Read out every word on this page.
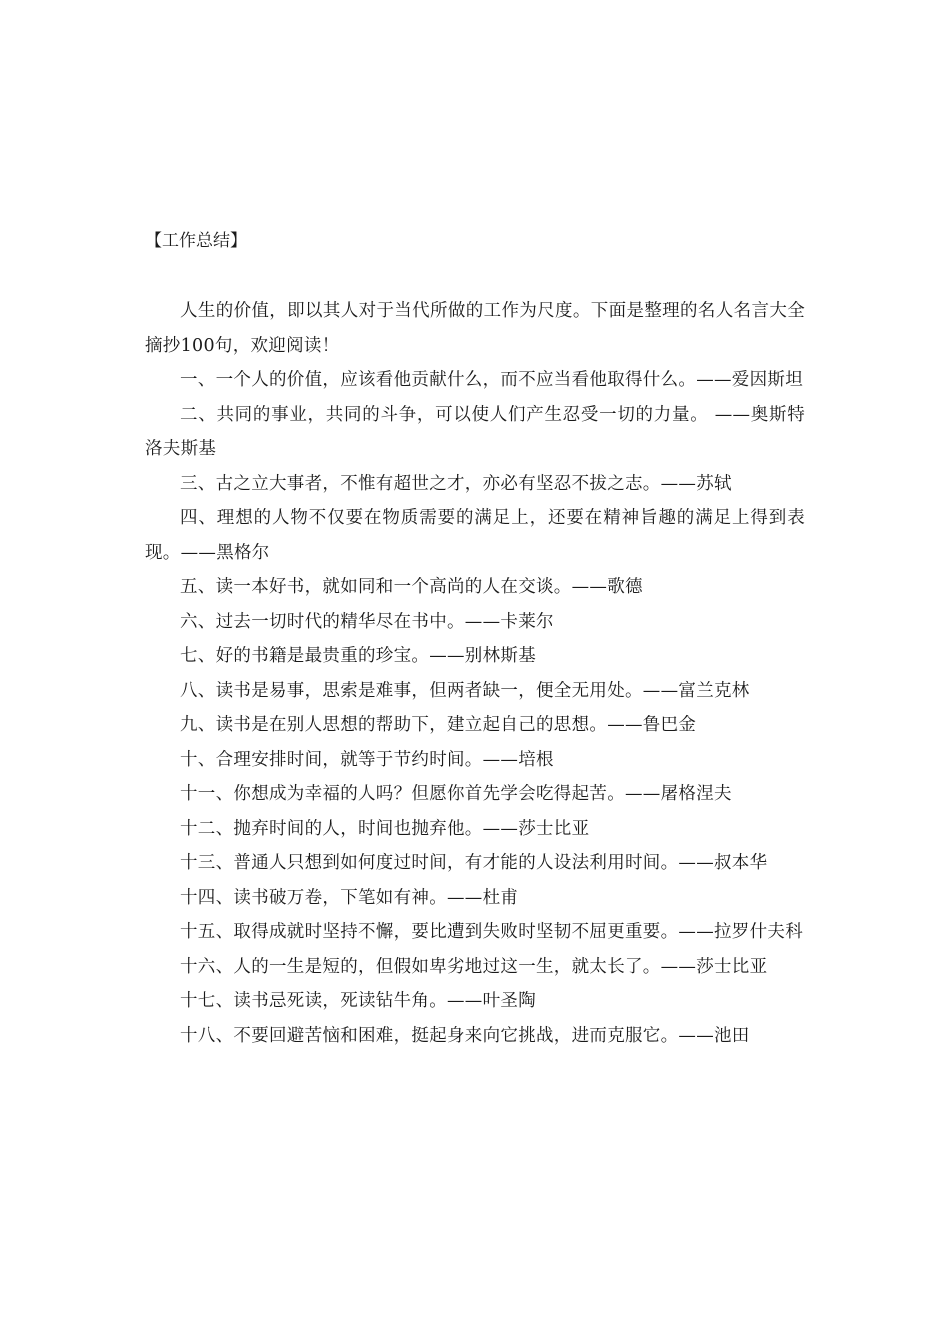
【工作总结】

人生的价值，即以其人对于当代所做的工作为尺度。下面是整理的名人名言大全摘抄100句，欢迎阅读！

一、一个人的价值，应该看他贡献什么，而不应当看他取得什么。——爱因斯坦

二、共同的事业，共同的斗争，可以使人们产生忍受一切的力量。 ——奥斯特洛夫斯基

三、古之立大事者，不惟有超世之才，亦必有坚忍不拔之志。——苏轼

四、理想的人物不仅要在物质需要的满足上，还要在精神旨趣的满足上得到表现。——黑格尔

五、读一本好书，就如同和一个高尚的人在交谈。——歌德

六、过去一切时代的精华尽在书中。——卡莱尔

七、好的书籍是最贵重的珍宝。——别林斯基

八、读书是易事，思索是难事，但两者缺一，便全无用处。——富兰克林

九、读书是在别人思想的帮助下，建立起自己的思想。——鲁巴金

十、合理安排时间，就等于节约时间。——培根

十一、你想成为幸福的人吗？但愿你首先学会吃得起苦。——屠格涅夫

十二、抛弃时间的人，时间也抛弃他。——莎士比亚

十三、普通人只想到如何度过时间，有才能的人设法利用时间。——叔本华

十四、读书破万卷，下笔如有神。——杜甫

十五、取得成就时坚持不懈，要比遭到失败时坚韧不屈更重要。——拉罗什夫科

十六、人的一生是短的，但假如卑劣地过这一生，就太长了。——莎士比亚

十七、读书忌死读，死读钻牛角。——叶圣陶

十八、不要回避苦恼和困难，挺起身来向它挑战，进而克服它。——池田
